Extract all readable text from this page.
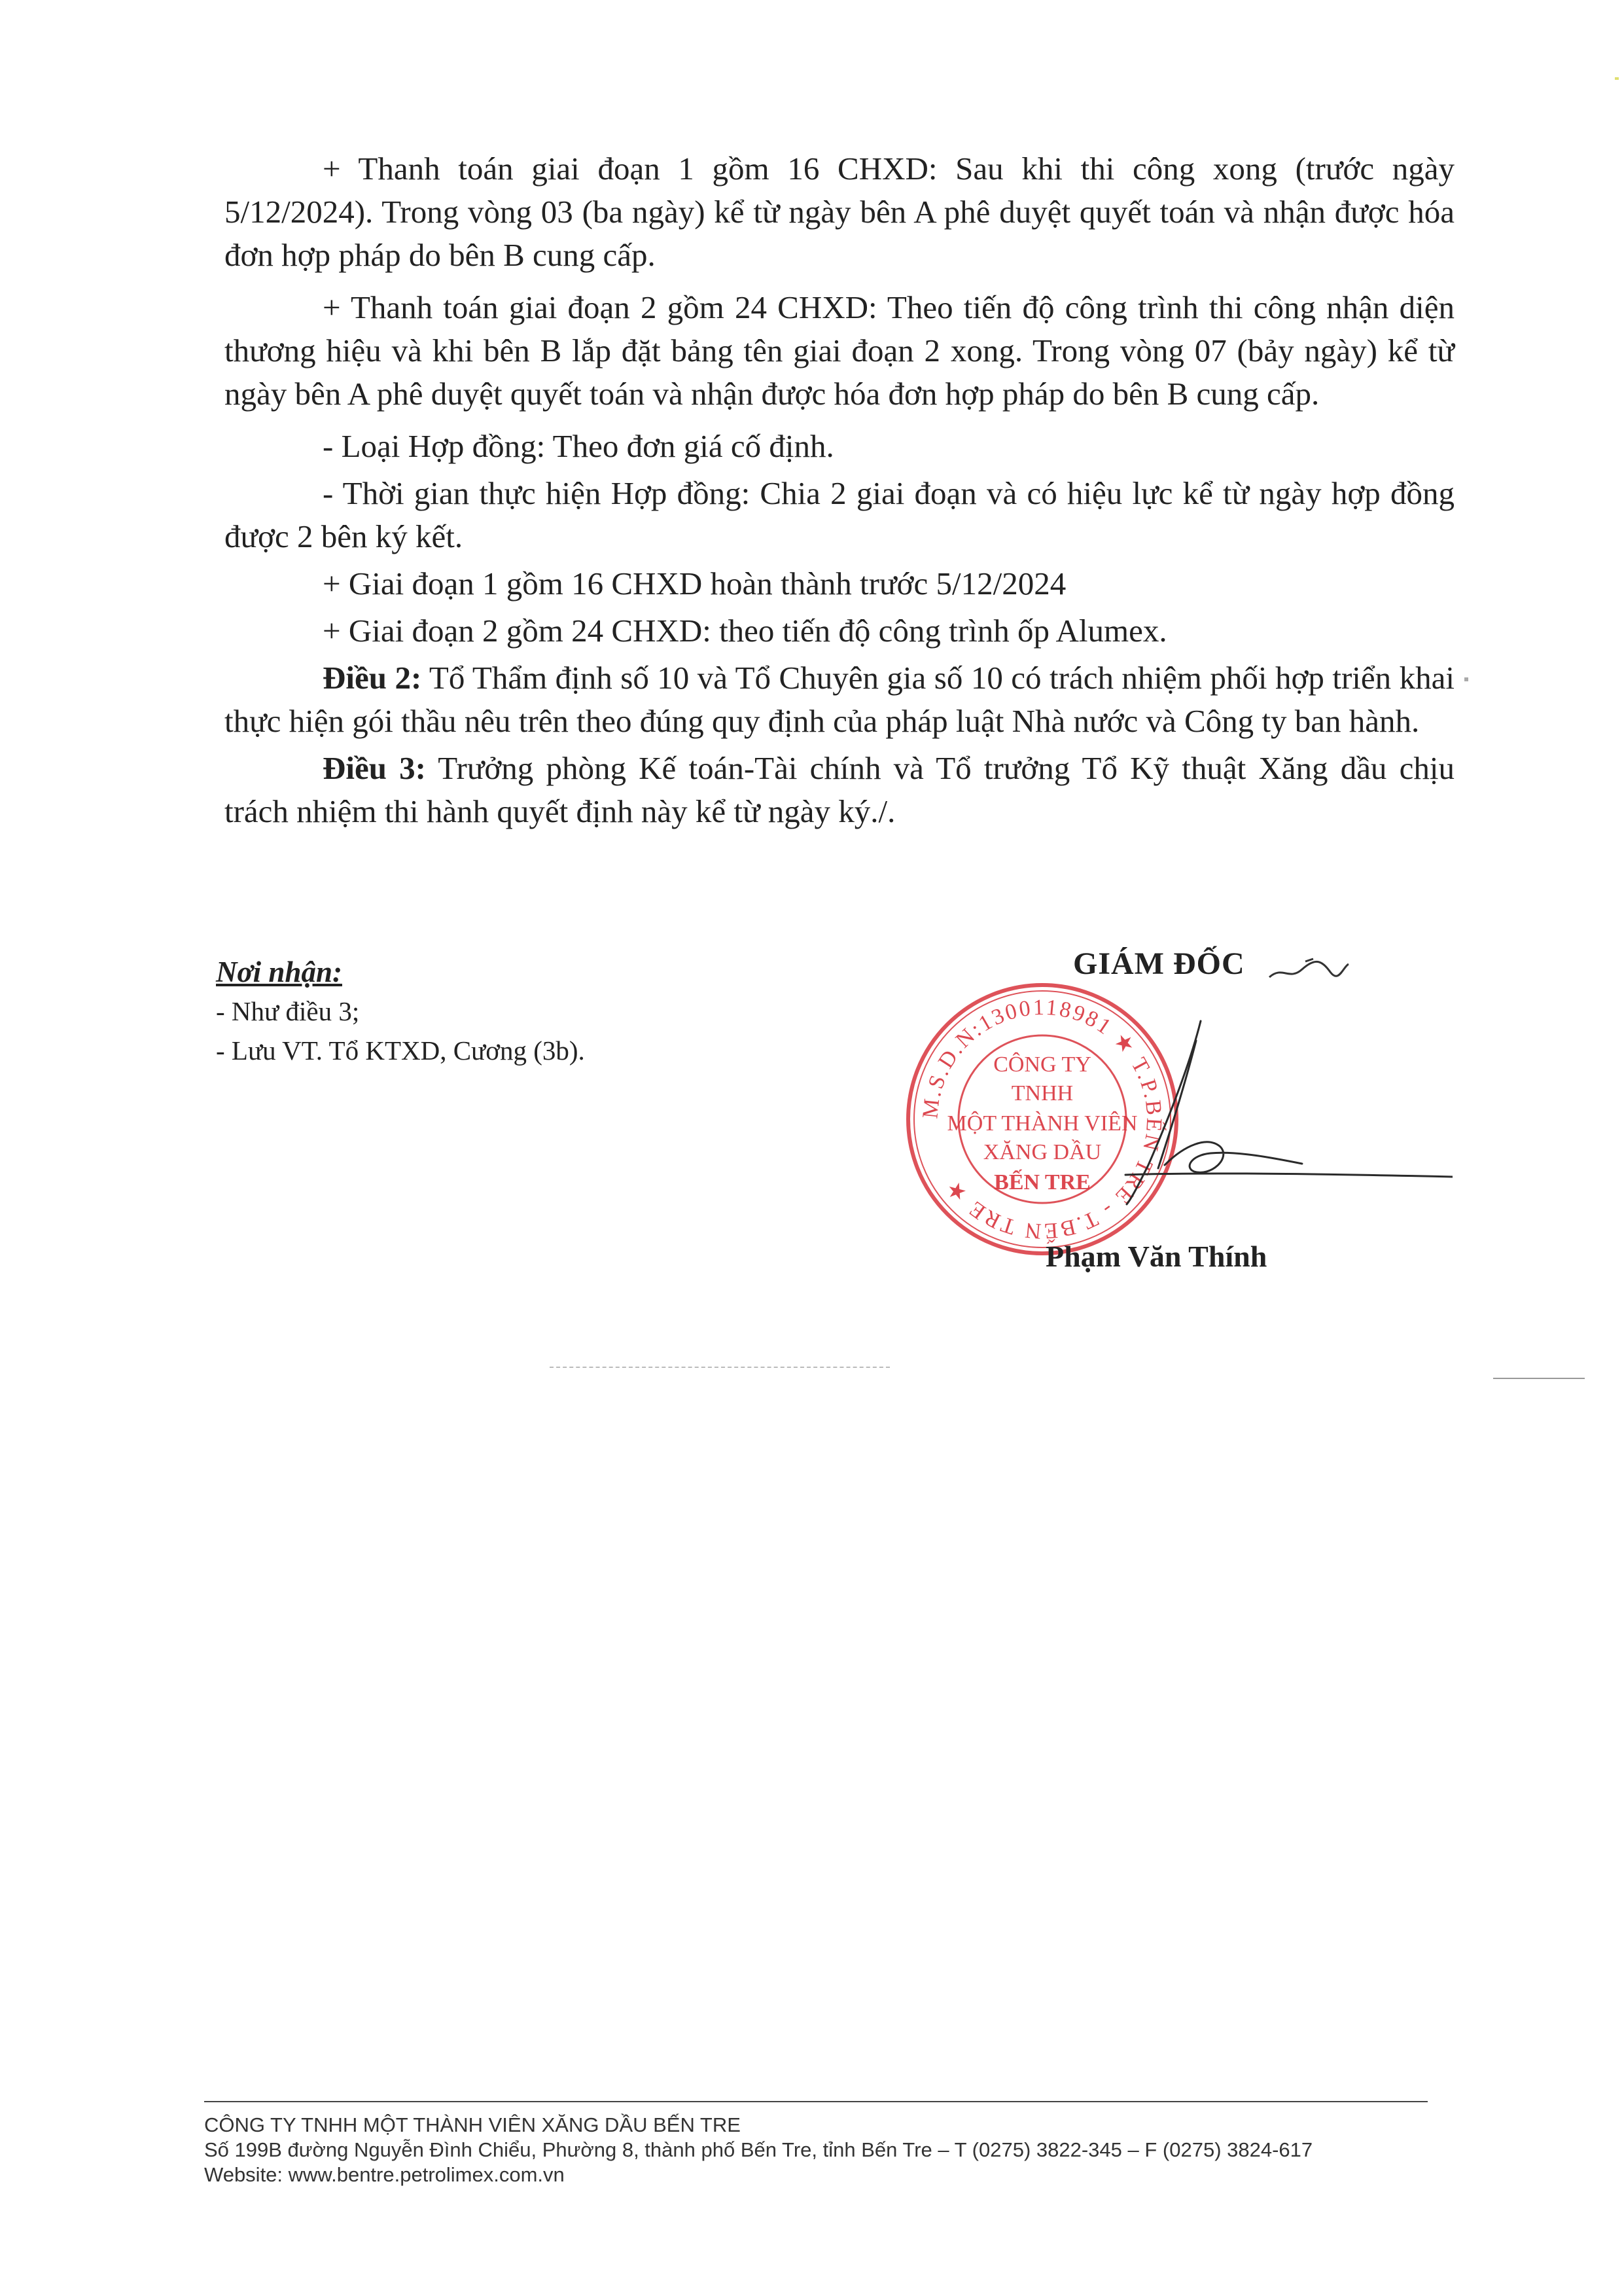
+ Thanh toán giai đoạn 1 gồm 16 CHXD: Sau khi thi công xong (trước ngày 5/12/2024). Trong vòng 03 (ba ngày) kể từ ngày bên A phê duyệt quyết toán và nhận được hóa đơn hợp pháp do bên B cung cấp.

+ Thanh toán giai đoạn 2 gồm 24 CHXD: Theo tiến độ công trình thi công nhận diện thương hiệu và khi bên B lắp đặt bảng tên giai đoạn 2 xong. Trong vòng 07 (bảy ngày) kể từ ngày bên A phê duyệt quyết toán và nhận được hóa đơn hợp pháp do bên B cung cấp.

- Loại Hợp đồng: Theo đơn giá cố định.

- Thời gian thực hiện Hợp đồng: Chia 2 giai đoạn và có hiệu lực kể từ ngày hợp đồng được 2 bên ký kết.

+ Giai đoạn 1 gồm 16 CHXD hoàn thành trước 5/12/2024

+ Giai đoạn 2 gồm 24 CHXD: theo tiến độ công trình ốp Alumex.

Điều 2: Tổ Thẩm định số 10 và Tổ Chuyên gia số 10 có trách nhiệm phối hợp triển khai thực hiện gói thầu nêu trên theo đúng quy định của pháp luật Nhà nước và Công ty ban hành.

Điều 3: Trưởng phòng Kế toán-Tài chính và Tổ trưởng Tổ Kỹ thuật Xăng dầu chịu trách nhiệm thi hành quyết định này kể từ ngày ký./.

Nơi nhận:
- Như điều 3;
- Lưu VT. Tổ KTXD, Cương (3b).
GIÁM ĐỐC
M.S.D.N:1300118981 ★ T.P.BẾN TRE - T.BẾN TRE ★
CÔNG TY
TNHH
MỘT THÀNH VIÊN
XĂNG DẦU
BẾN TRE
Phạm Văn Thính
CÔNG TY TNHH MỘT THÀNH VIÊN XĂNG DẦU BẾN TRE
Số 199B đường Nguyễn Đình Chiểu, Phường 8, thành phố Bến Tre, tỉnh Bến Tre – T (0275) 3822-345 – F (0275) 3824-617
Website: www.bentre.petrolimex.com.vn
